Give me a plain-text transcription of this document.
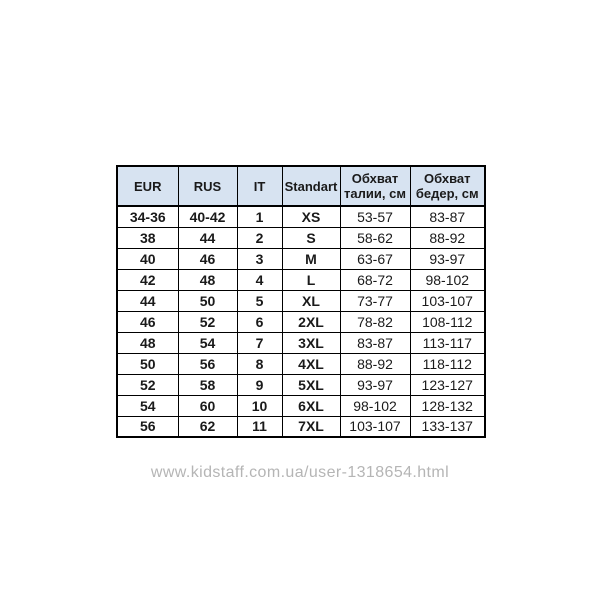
EUR	RUS	IT	Standart	Обхват талии, см	Обхват бедер, см
34-36	40-42	1	XS	53-57	83-87
38	44	2	S	58-62	88-92
40	46	3	M	63-67	93-97
42	48	4	L	68-72	98-102
44	50	5	XL	73-77	103-107
46	52	6	2XL	78-82	108-112
48	54	7	3XL	83-87	113-117
50	56	8	4XL	88-92	118-112
52	58	9	5XL	93-97	123-127
54	60	10	6XL	98-102	128-132
56	62	11	7XL	103-107	133-137
www.kidstaff.com.ua/user-1318654.html
